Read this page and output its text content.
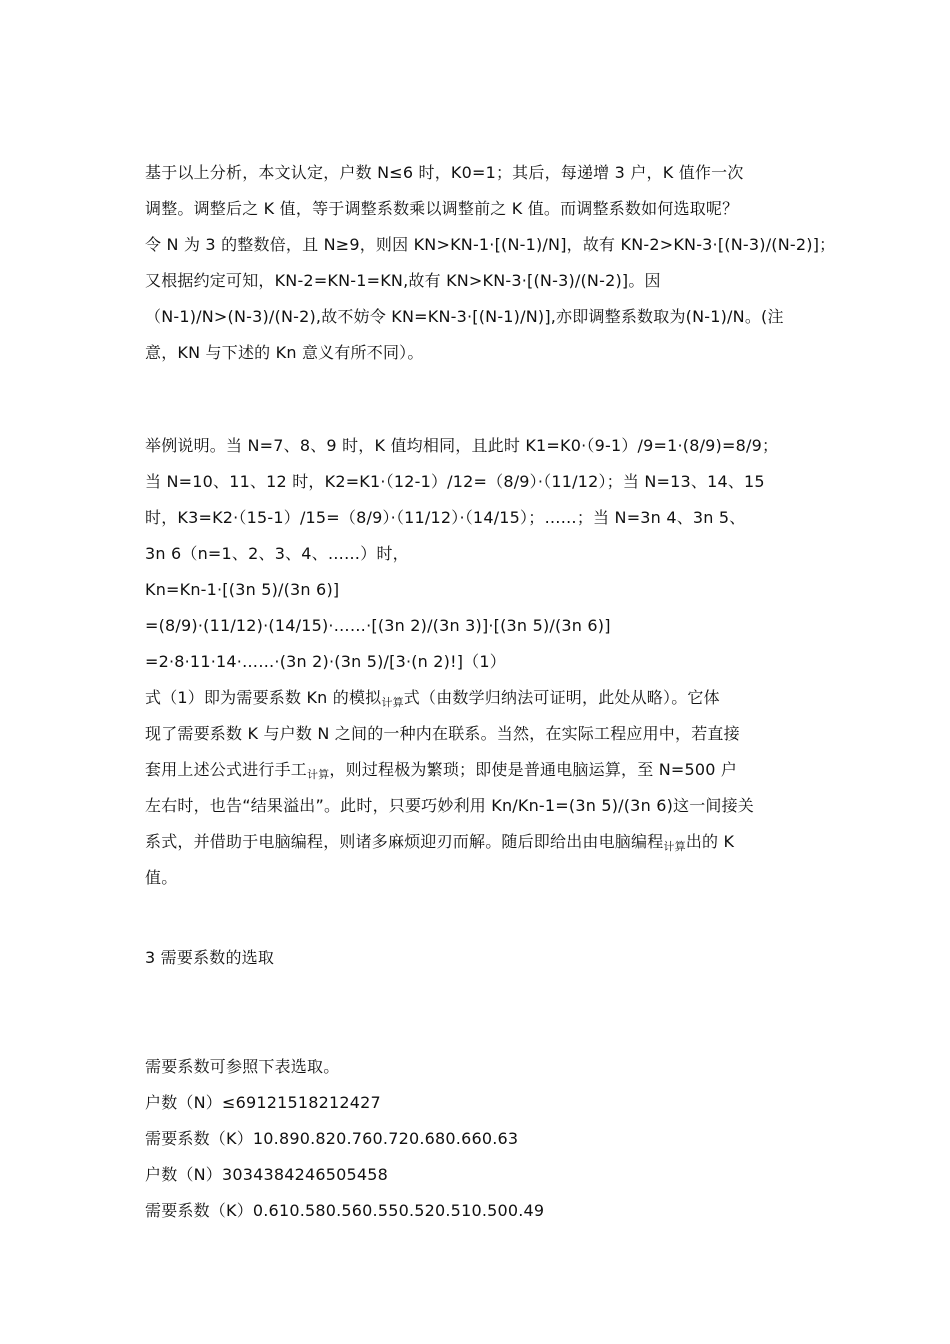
基于以上分析，本文认定，户数 N≤6 时，K0=1；其后，每递增 3 户，K 值作一次
调整。调整后之 K 值，等于调整系数乘以调整前之 K 值。而调整系数如何选取呢？
令 N 为 3 的整数倍，且 N≥9，则因 KN>KN-1·[(N-1)/N]，故有 KN-2>KN-3·[(N-3)/(N-2)]；
又根据约定可知，KN-2=KN-1=KN,故有 KN>KN-3·[(N-3)/(N-2)]。因
（N-1)/N>(N-3)/(N-2),故不妨令 KN=KN-3·[(N-1)/N)],亦即调整系数取为(N-1)/N。(注
意，KN 与下述的 Kn 意义有所不同）。
举例说明。当 N=7、8、9 时，K 值均相同，且此时 K1=K0·（9-1）/9=1·(8/9)=8/9；
当 N=10、11、12 时，K2=K1·（12-1）/12=（8/9）·（11/12）；当 N=13、14、15
时，K3=K2·（15-1）/15=（8/9）·（11/12）·（14/15）；……；当 N=3n 4、3n 5、
3n 6（n=1、2、3、4、……）时，
Kn=Kn-1·[(3n 5)/(3n 6)]
=(8/9)·(11/12)·(14/15)·……·[(3n 2)/(3n 3)]·[(3n 5)/(3n 6)]
=2·8·11·14·……·(3n 2)·(3n 5)/[3·(n 2)!]（1）
式（1）即为需要系数 Kn 的模拟$_{计算}$式（由数学归纳法可证明，此处从略）。它体
现了需要系数 K 与户数 N 之间的一种内在联系。当然，在实际工程应用中，若直接
套用上述公式进行手工$_{计算}$，则过程极为繁琐；即使是普通电脑运算，至 N=500 户
左右时，也告“结果溢出”。此时，只要巧妙利用 Kn/Kn-1=(3n 5)/(3n 6)这一间接关
系式，并借助于电脑编程，则诸多麻烦迎刃而解。随后即给出由电脑编程$_{计算}$出的 K
值。
3 需要系数的选取
需要系数可参照下表选取。
户数（N）≤69121518212427
需要系数（K）10.890.820.760.720.680.660.63
户数（N）3034384246505458
需要系数（K）0.610.580.560.550.520.510.500.49
